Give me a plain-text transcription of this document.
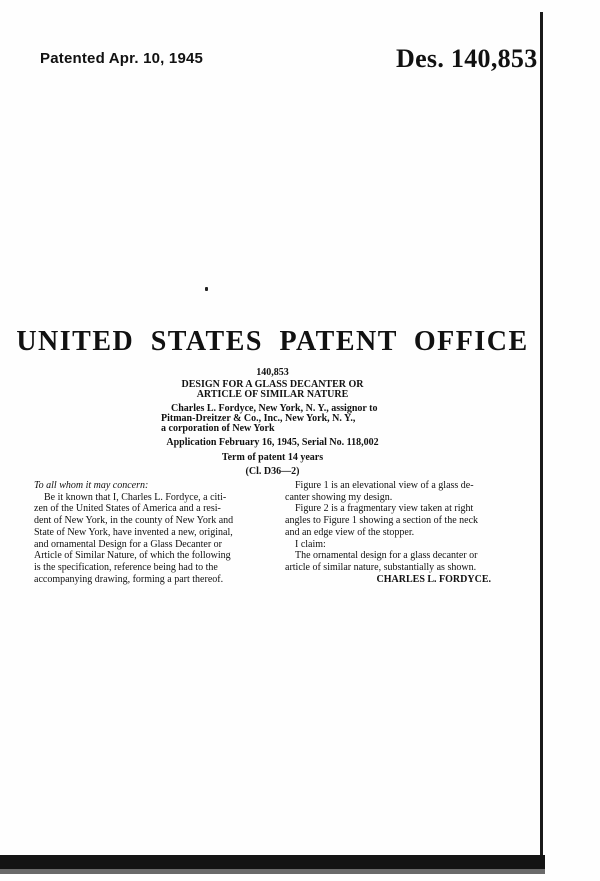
Patented Apr. 10, 1945	Des. 140,853
UNITED STATES PATENT OFFICE
140,853
DESIGN FOR A GLASS DECANTER OR
ARTICLE OF SIMILAR NATURE
Charles L. Fordyce, New York, N. Y., assignor to
Pitman-Dreitzer & Co., Inc., New York, N. Y.,
a corporation of New York
Application February 16, 1945, Serial No. 118,002
Term of patent 14 years
(Cl. D36—2)
To all whom it may concern:
Be it known that I, Charles L. Fordyce, a citi-
zen of the United States of America and a resi-
dent of New York, in the county of New York and
State of New York, have invented a new, original,
and ornamental Design for a Glass Decanter or
Article of Similar Nature, of which the following
is the specification, reference being had to the
accompanying drawing, forming a part thereof.
Figure 1 is an elevational view of a glass de-
canter showing my design.
Figure 2 is a fragmentary view taken at right
angles to Figure 1 showing a section of the neck
and an edge view of the stopper.
I claim:
The ornamental design for a glass decanter or
article of similar nature, substantially as shown.
CHARLES L. FORDYCE.
